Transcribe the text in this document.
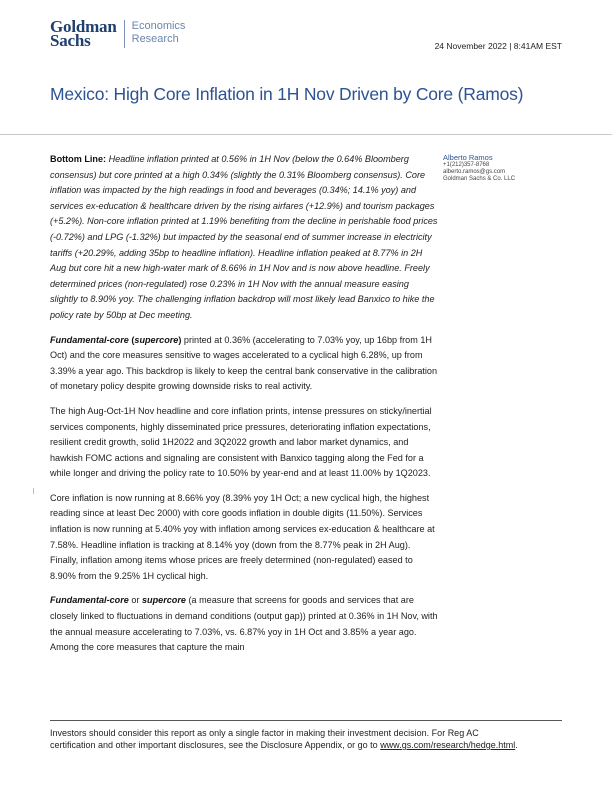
Goldman
Sachs
Economics
Research
24 November 2022 | 8:41AM EST
Mexico: High Core Inflation in 1H Nov Driven by Core (Ramos)
Alberto Ramos
+1(212)357-8768
alberto.ramos@gs.com
Goldman Sachs & Co. LLC

Bottom Line: Headline inflation printed at 0.56% in 1H Nov (below the 0.64% Bloomberg consensus) but core printed at a high 0.34% (slightly the 0.31% Bloomberg consensus). Core inflation was impacted by the high readings in food and beverages (0.34%; 14.1% yoy) and services ex-education & healthcare driven by the rising airfares (+12.9%) and tourism packages (+5.2%). Non-core inflation printed at 1.19% benefiting from the decline in perishable food prices (-0.72%) and LPG (-1.32%) but impacted by the seasonal end of summer increase in electricity tariffs (+20.29%, adding 35bp to headline inflation). Headline inflation peaked at 8.77% in 2H Aug but core hit a new high-water mark of 8.66% in 1H Nov and is now above headline. Freely determined prices (non-regulated) rose 0.23% in 1H Nov with the annual measure easing slightly to 8.90% yoy. The challenging inflation backdrop will most likely lead Banxico to hike the policy rate by 50bp at Dec meeting.

Fundamental-core (supercore) printed at 0.36% (accelerating to 7.03% yoy, up 16bp from 1H Oct) and the core measures sensitive to wages accelerated to a cyclical high 6.28%, up from 3.39% a year ago. This backdrop is likely to keep the central bank conservative in the calibration of monetary policy despite growing downside risks to real activity.

The high Aug-Oct-1H Nov headline and core inflation prints, intense pressures on sticky/inertial services components, highly disseminated price pressures, deteriorating inflation expectations, resilient credit growth, solid 1H2022 and 3Q2022 growth and labor market dynamics, and hawkish FOMC actions and signaling are consistent with Banxico tagging along the Fed for a while longer and driving the policy rate to 10.50% by year-end and at least 11.00% by 1Q2023.

Core inflation is now running at 8.66% yoy (8.39% yoy 1H Oct; a new cyclical high, the highest reading since at least Dec 2000) with core goods inflation in double digits (11.50%). Services inflation is now running at 5.40% yoy with inflation among services ex-education & healthcare at 7.58%. Headline inflation is tracking at 8.14% yoy (down from the 8.77% peak in 2H Aug). Finally, inflation among items whose prices are freely determined (non-regulated) eased to 8.90% from the 9.25% 1H cyclical high.

Fundamental-core or supercore (a measure that screens for goods and services that are closely linked to fluctuations in demand conditions (output gap)) printed at 0.36% in 1H Nov, with the annual measure accelerating to 7.03%, vs. 6.87% yoy in 1H Oct and 3.85% a year ago. Among the core measures that capture the main

Investors should consider this report as only a single factor in making their investment decision. For Reg AC certification and other important disclosures, see the Disclosure Appendix, or go to www.gs.com/research/hedge.html.
